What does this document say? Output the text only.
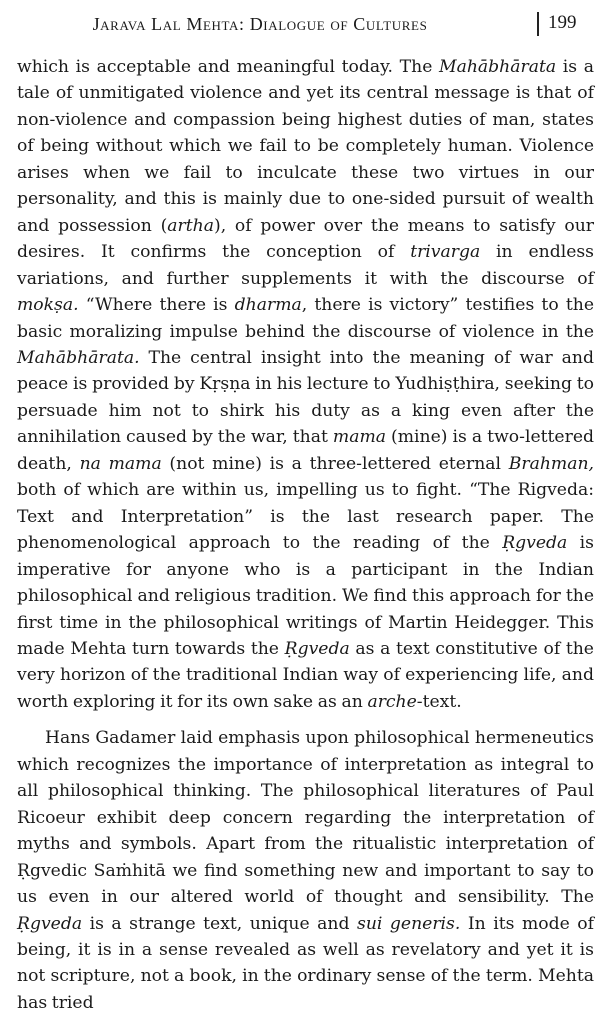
Jarava Lal Mehta: Dialogue of Cultures	199

which is acceptable and meaningful today. The Mahābhārata is a tale of unmitigated violence and yet its central message is that of non-violence and compassion being highest duties of man, states of being without which we fail to be completely human. Violence arises when we fail to inculcate these two virtues in our personality, and this is mainly due to one-sided pursuit of wealth and possession (artha), of power over the means to satisfy our desires. It confirms the conception of trivarga in endless variations, and further supplements it with the discourse of mokṣa. “Where there is dharma, there is victory” testifies to the basic moralizing impulse behind the discourse of violence in the Mahābhārata. The central insight into the meaning of war and peace is provided by Kṛṣṇa in his lecture to Yudhiṣṭhira, seeking to persuade him not to shirk his duty as a king even after the annihilation caused by the war, that mama (mine) is a two-lettered death, na mama (not mine) is a three-lettered eternal Brahman, both of which are within us, impelling us to fight. “The Rigveda: Text and Interpretation” is the last research paper. The phenomenological approach to the reading of the Ṛgveda is imperative for anyone who is a participant in the Indian philosophical and religious tradition. We find this approach for the first time in the philosophical writings of Martin Heidegger. This made Mehta turn towards the Ṛgveda as a text constitutive of the very horizon of the traditional Indian way of experiencing life, and worth exploring it for its own sake as an arche-text.

Hans Gadamer laid emphasis upon philosophical hermeneutics which recognizes the importance of interpretation as integral to all philosophical thinking. The philosophical literatures of Paul Ricoeur exhibit deep concern regarding the interpretation of myths and symbols. Apart from the ritualistic interpretation of Ṛgvedic Saṁhitā we find something new and important to say to us even in our altered world of thought and sensibility. The Ṛgveda is a strange text, unique and sui generis. In its mode of being, it is in a sense revealed as well as revelatory and yet it is not scripture, not a book, in the ordinary sense of the term. Mehta has tried
